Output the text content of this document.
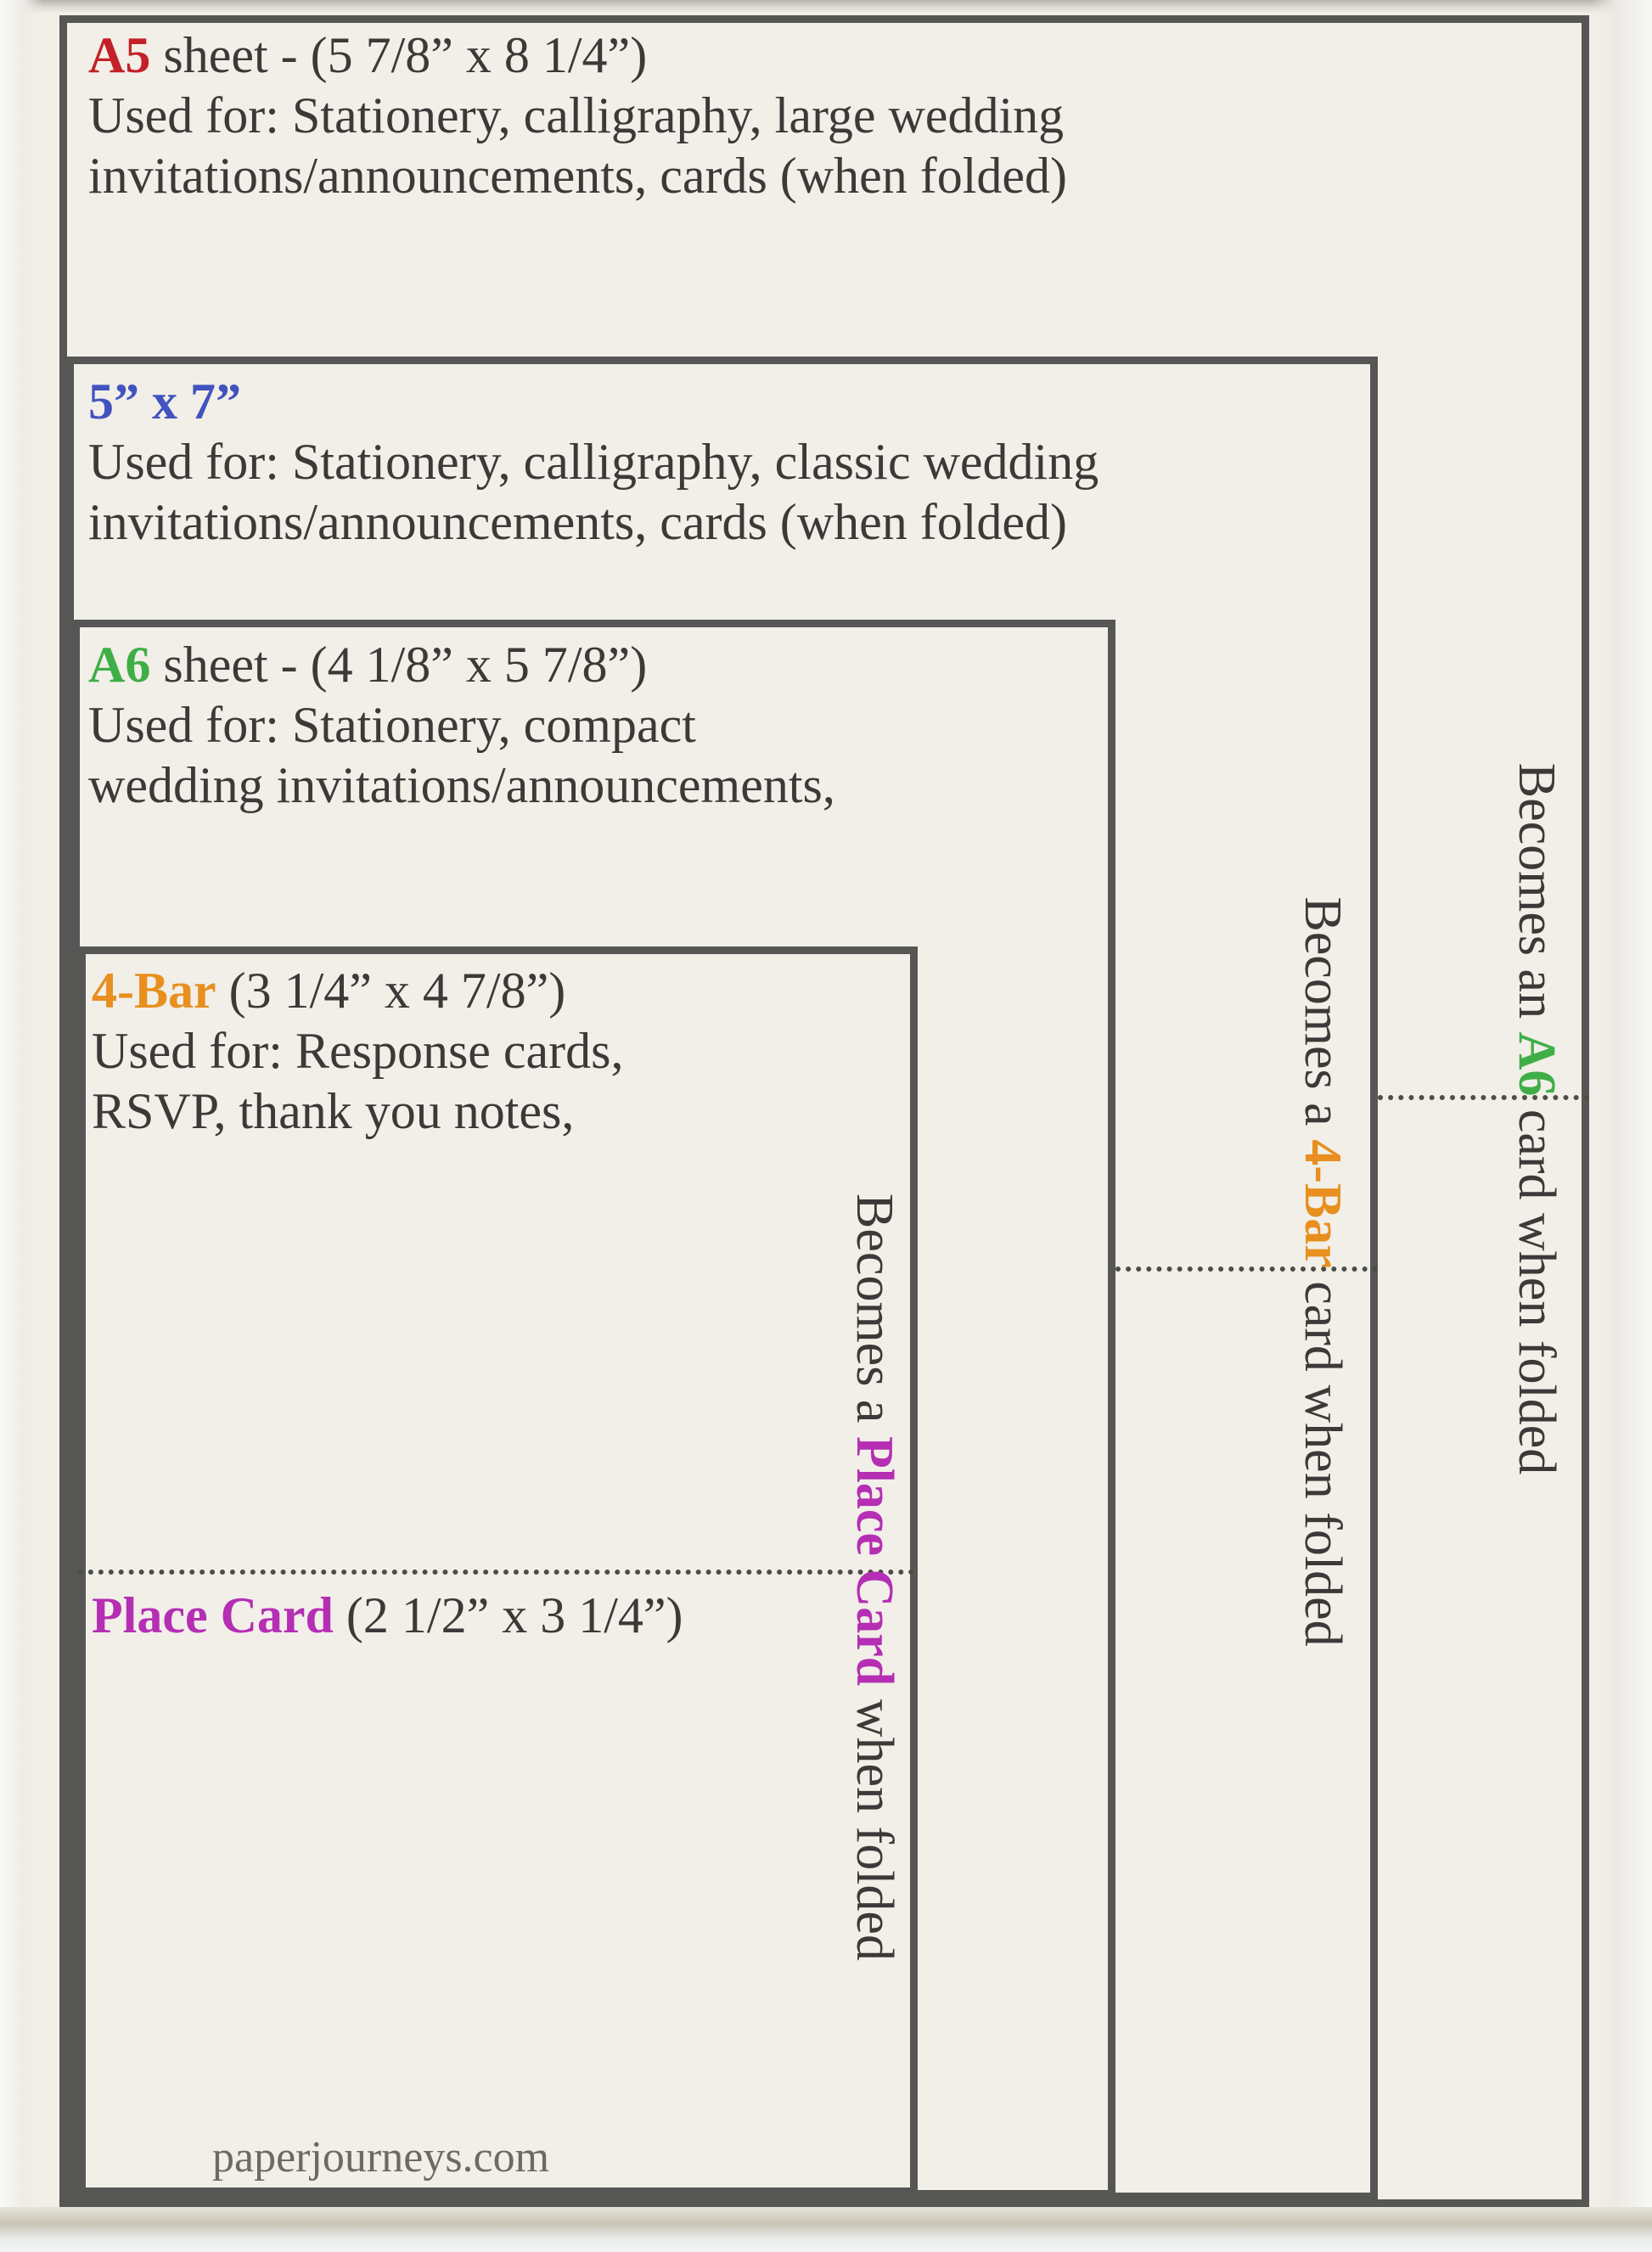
A5 sheet - (5 7/8” x 8 1/4”)
Used for: Stationery, calligraphy, large wedding
invitations/announcements, cards (when folded)
5” x 7”
Used for: Stationery, calligraphy, classic wedding
invitations/announcements, cards (when folded)
A6 sheet - (4 1/8” x 5 7/8”)
Used for: Stationery, compact
wedding invitations/announcements,
4-Bar (3 1/4” x 4 7/8”)
Used for: Response cards,
RSVP, thank you notes,
Place Card (2 1/2” x 3 1/4”)
Becomes a Place Card when folded
Becomes a 4-Bar card when folded
Becomes an A6 card when folded
paperjourneys.com
